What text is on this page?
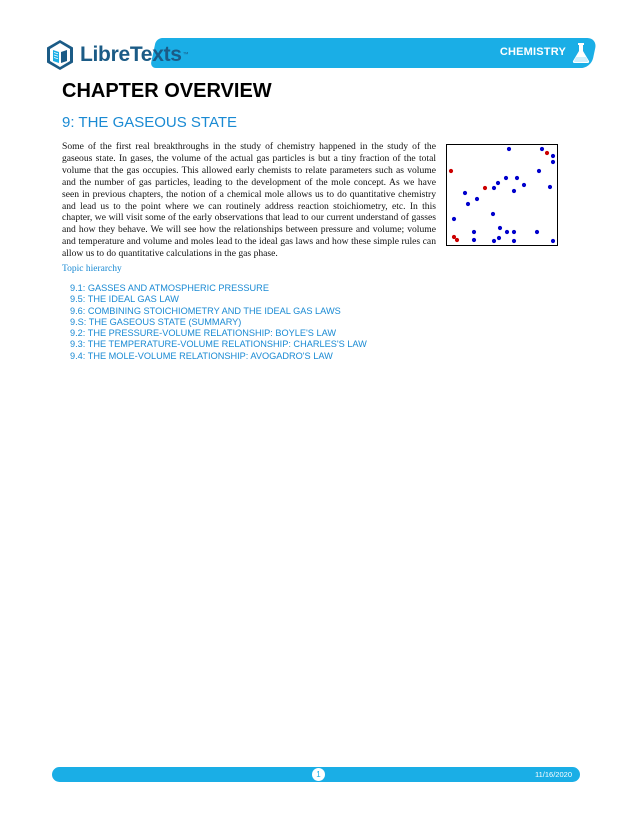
LibreTexts ™	CHEMISTRY
CHAPTER OVERVIEW
9: THE GASEOUS STATE

Some of the first real breakthroughs in the study of chemistry happened in the study of the gaseous state. In gases, the volume of the actual gas particles is but a tiny fraction of the total volume that the gas occupies. This allowed early chemists to relate parameters such as volume and the number of gas particles, leading to the development of the mole concept. As we have seen in previous chapters, the notion of a chemical mole allows us to do quantitative chemistry and lead us to the point where we can routinely address reaction stoichiometry, etc. In this chapter, we will visit some of the early observations that lead to our current understand of gasses and how they behave. We will see how the relationships between pressure and volume; volume and temperature and volume and moles lead to the ideal gas laws and how these simple rules can allow us to do quantitative calculations in the gas phase.

Topic hierarchy
9.1: GASSES AND ATMOSPHERIC PRESSURE
9.5: THE IDEAL GAS LAW
9.6: COMBINING STOICHIOMETRY AND THE IDEAL GAS LAWS
9.S: THE GASEOUS STATE (SUMMARY)
9.2: THE PRESSURE-VOLUME RELATIONSHIP: BOYLE'S LAW
9.3: THE TEMPERATURE-VOLUME RELATIONSHIP: CHARLES'S LAW
9.4: THE MOLE-VOLUME RELATIONSHIP: AVOGADRO'S LAW
1	11/16/2020
